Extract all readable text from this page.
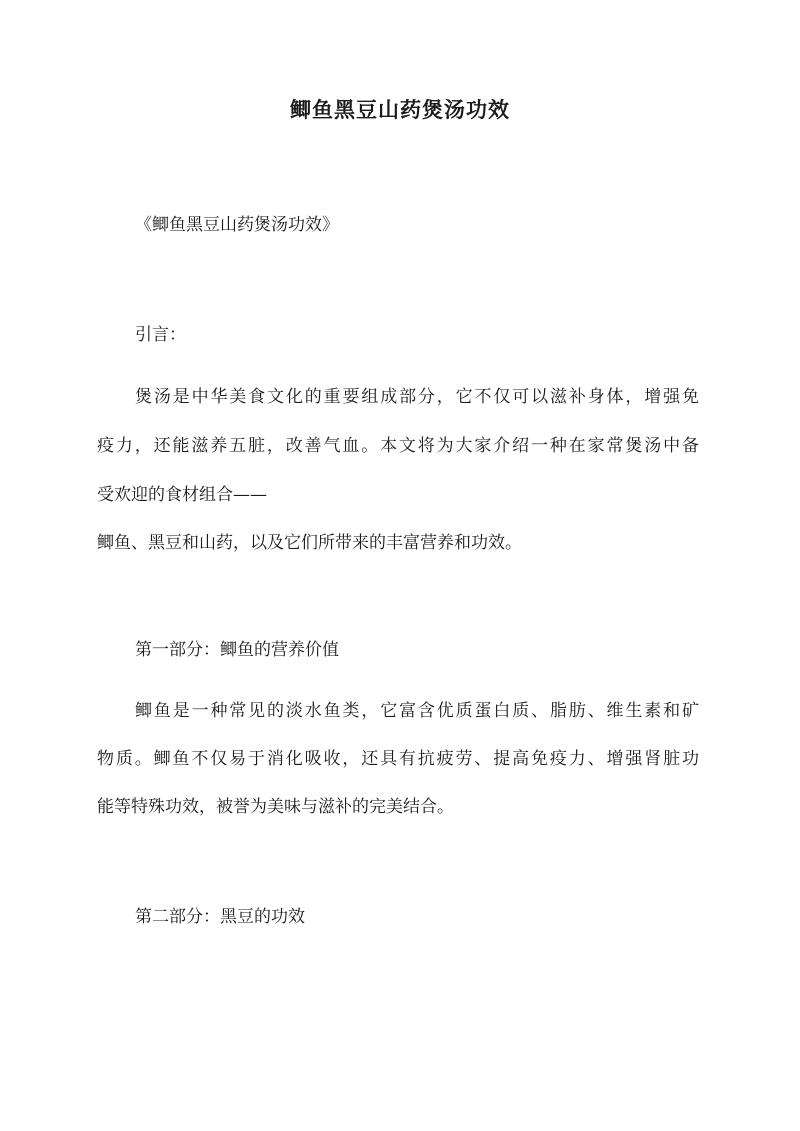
鲫鱼黑豆山药煲汤功效
《鲫鱼黑豆山药煲汤功效》
引言：
煲汤是中华美食文化的重要组成部分，它不仅可以滋补身体，增强免
疫力，还能滋养五脏，改善气血。本文将为大家介绍一种在家常煲汤中备
受欢迎的食材组合——
鲫鱼、黑豆和山药，以及它们所带来的丰富营养和功效。
第一部分：鲫鱼的营养价值
鲫鱼是一种常见的淡水鱼类，它富含优质蛋白质、脂肪、维生素和矿
物质。鲫鱼不仅易于消化吸收，还具有抗疲劳、提高免疫力、增强肾脏功
能等特殊功效，被誉为美味与滋补的完美结合。
第二部分：黑豆的功效
